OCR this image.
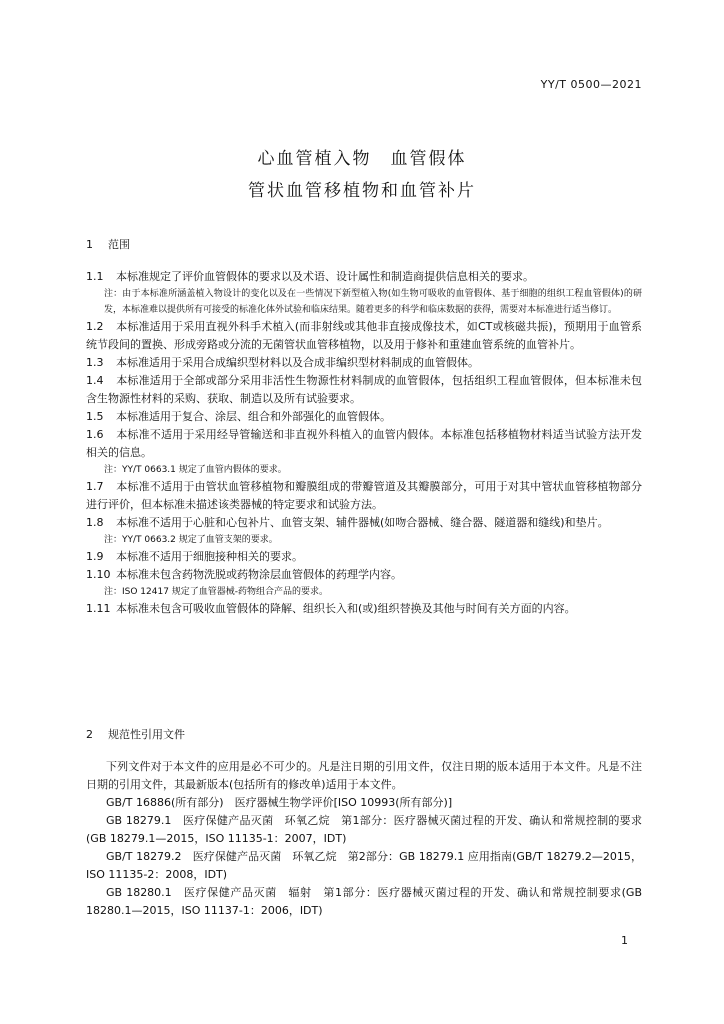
YY/T 0500—2021
心血管植入物　血管假体
管状血管移植物和血管补片
1 范围

1.1 本标准规定了评价血管假体的要求以及术语、设计属性和制造商提供信息相关的要求。

注：由于本标准所涵盖植入物设计的变化以及在一些情况下新型植入物(如生物可吸收的血管假体、基于细胞的组织工程血管假体)的研发，本标准难以提供所有可接受的标准化体外试验和临床结果。随着更多的科学和临床数据的获得，需要对本标准进行适当修订。

1.2 本标准适用于采用直视外科手术植入(而非射线或其他非直接成像技术，如CT或核磁共振)，预期用于血管系统节段间的置换、形成旁路或分流的无菌管状血管移植物，以及用于修补和重建血管系统的血管补片。

1.3 本标准适用于采用合成编织型材料以及合成非编织型材料制成的血管假体。

1.4 本标准适用于全部或部分采用非活性生物源性材料制成的血管假体，包括组织工程血管假体，但本标准未包含生物源性材料的采购、获取、制造以及所有试验要求。

1.5 本标准适用于复合、涂层、组合和外部强化的血管假体。

1.6 本标准不适用于采用经导管输送和非直视外科植入的血管内假体。本标准包括移植物材料适当试验方法开发相关的信息。

注：YY/T 0663.1 规定了血管内假体的要求。

1.7 本标准不适用于由管状血管移植物和瓣膜组成的带瓣管道及其瓣膜部分，可用于对其中管状血管移植物部分进行评价，但本标准未描述该类器械的特定要求和试验方法。

1.8 本标准不适用于心脏和心包补片、血管支架、辅件器械(如吻合器械、缝合器、隧道器和缝线)和垫片。

注：YY/T 0663.2 规定了血管支架的要求。

1.9 本标准不适用于细胞接种相关的要求。

1.10 本标准未包含药物洗脱或药物涂层血管假体的药理学内容。

注：ISO 12417 规定了血管器械-药物组合产品的要求。

1.11 本标准未包含可吸收血管假体的降解、组织长入和(或)组织替换及其他与时间有关方面的内容。

2 规范性引用文件

下列文件对于本文件的应用是必不可少的。凡是注日期的引用文件，仅注日期的版本适用于本文件。凡是不注日期的引用文件，其最新版本(包括所有的修改单)适用于本文件。

GB/T 16886(所有部分)　医疗器械生物学评价[ISO 10993(所有部分)]

GB 18279.1　医疗保健产品灭菌　环氧乙烷　第1部分：医疗器械灭菌过程的开发、确认和常规控制的要求(GB 18279.1—2015，ISO 11135-1：2007，IDT)

GB/T 18279.2　医疗保健产品灭菌　环氧乙烷　第2部分：GB 18279.1 应用指南(GB/T 18279.2—2015，ISO 11135-2：2008，IDT)

GB 18280.1　医疗保健产品灭菌　辐射　第1部分：医疗器械灭菌过程的开发、确认和常规控制要求(GB 18280.1—2015，ISO 11137-1：2006，IDT)

1
